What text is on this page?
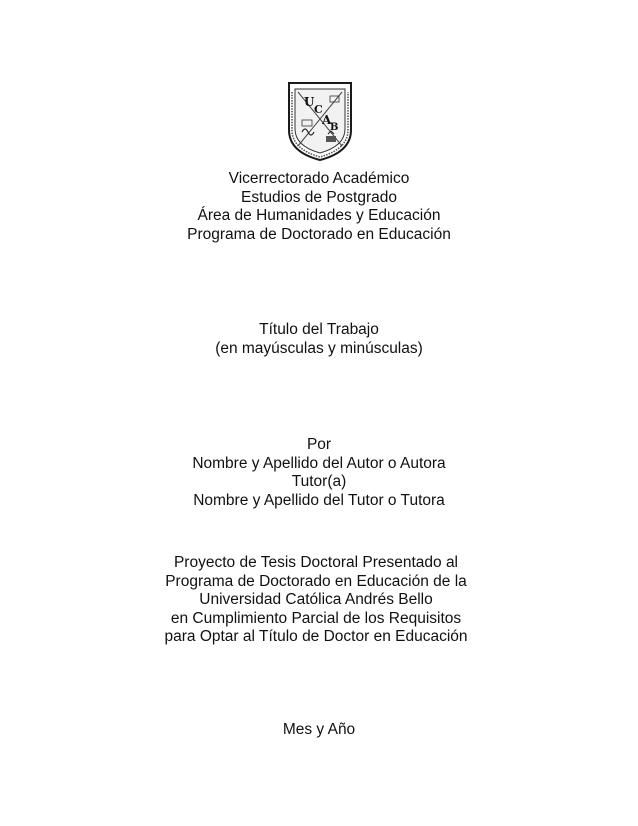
U
C
A
B
Vicerrectorado Académico
Estudios de Postgrado
Área de Humanidades y Educación
Programa de Doctorado en Educación
Título del Trabajo
(en mayúsculas y minúsculas)
Por
Nombre y Apellido del Autor o Autora
Tutor(a)
Nombre y Apellido del Tutor o Tutora
Proyecto de Tesis Doctoral Presentado al
Programa de Doctorado en Educación de la
Universidad Católica Andrés Bello
en Cumplimiento Parcial de los Requisitos
para Optar al Título de Doctor en Educación
Mes y Año
